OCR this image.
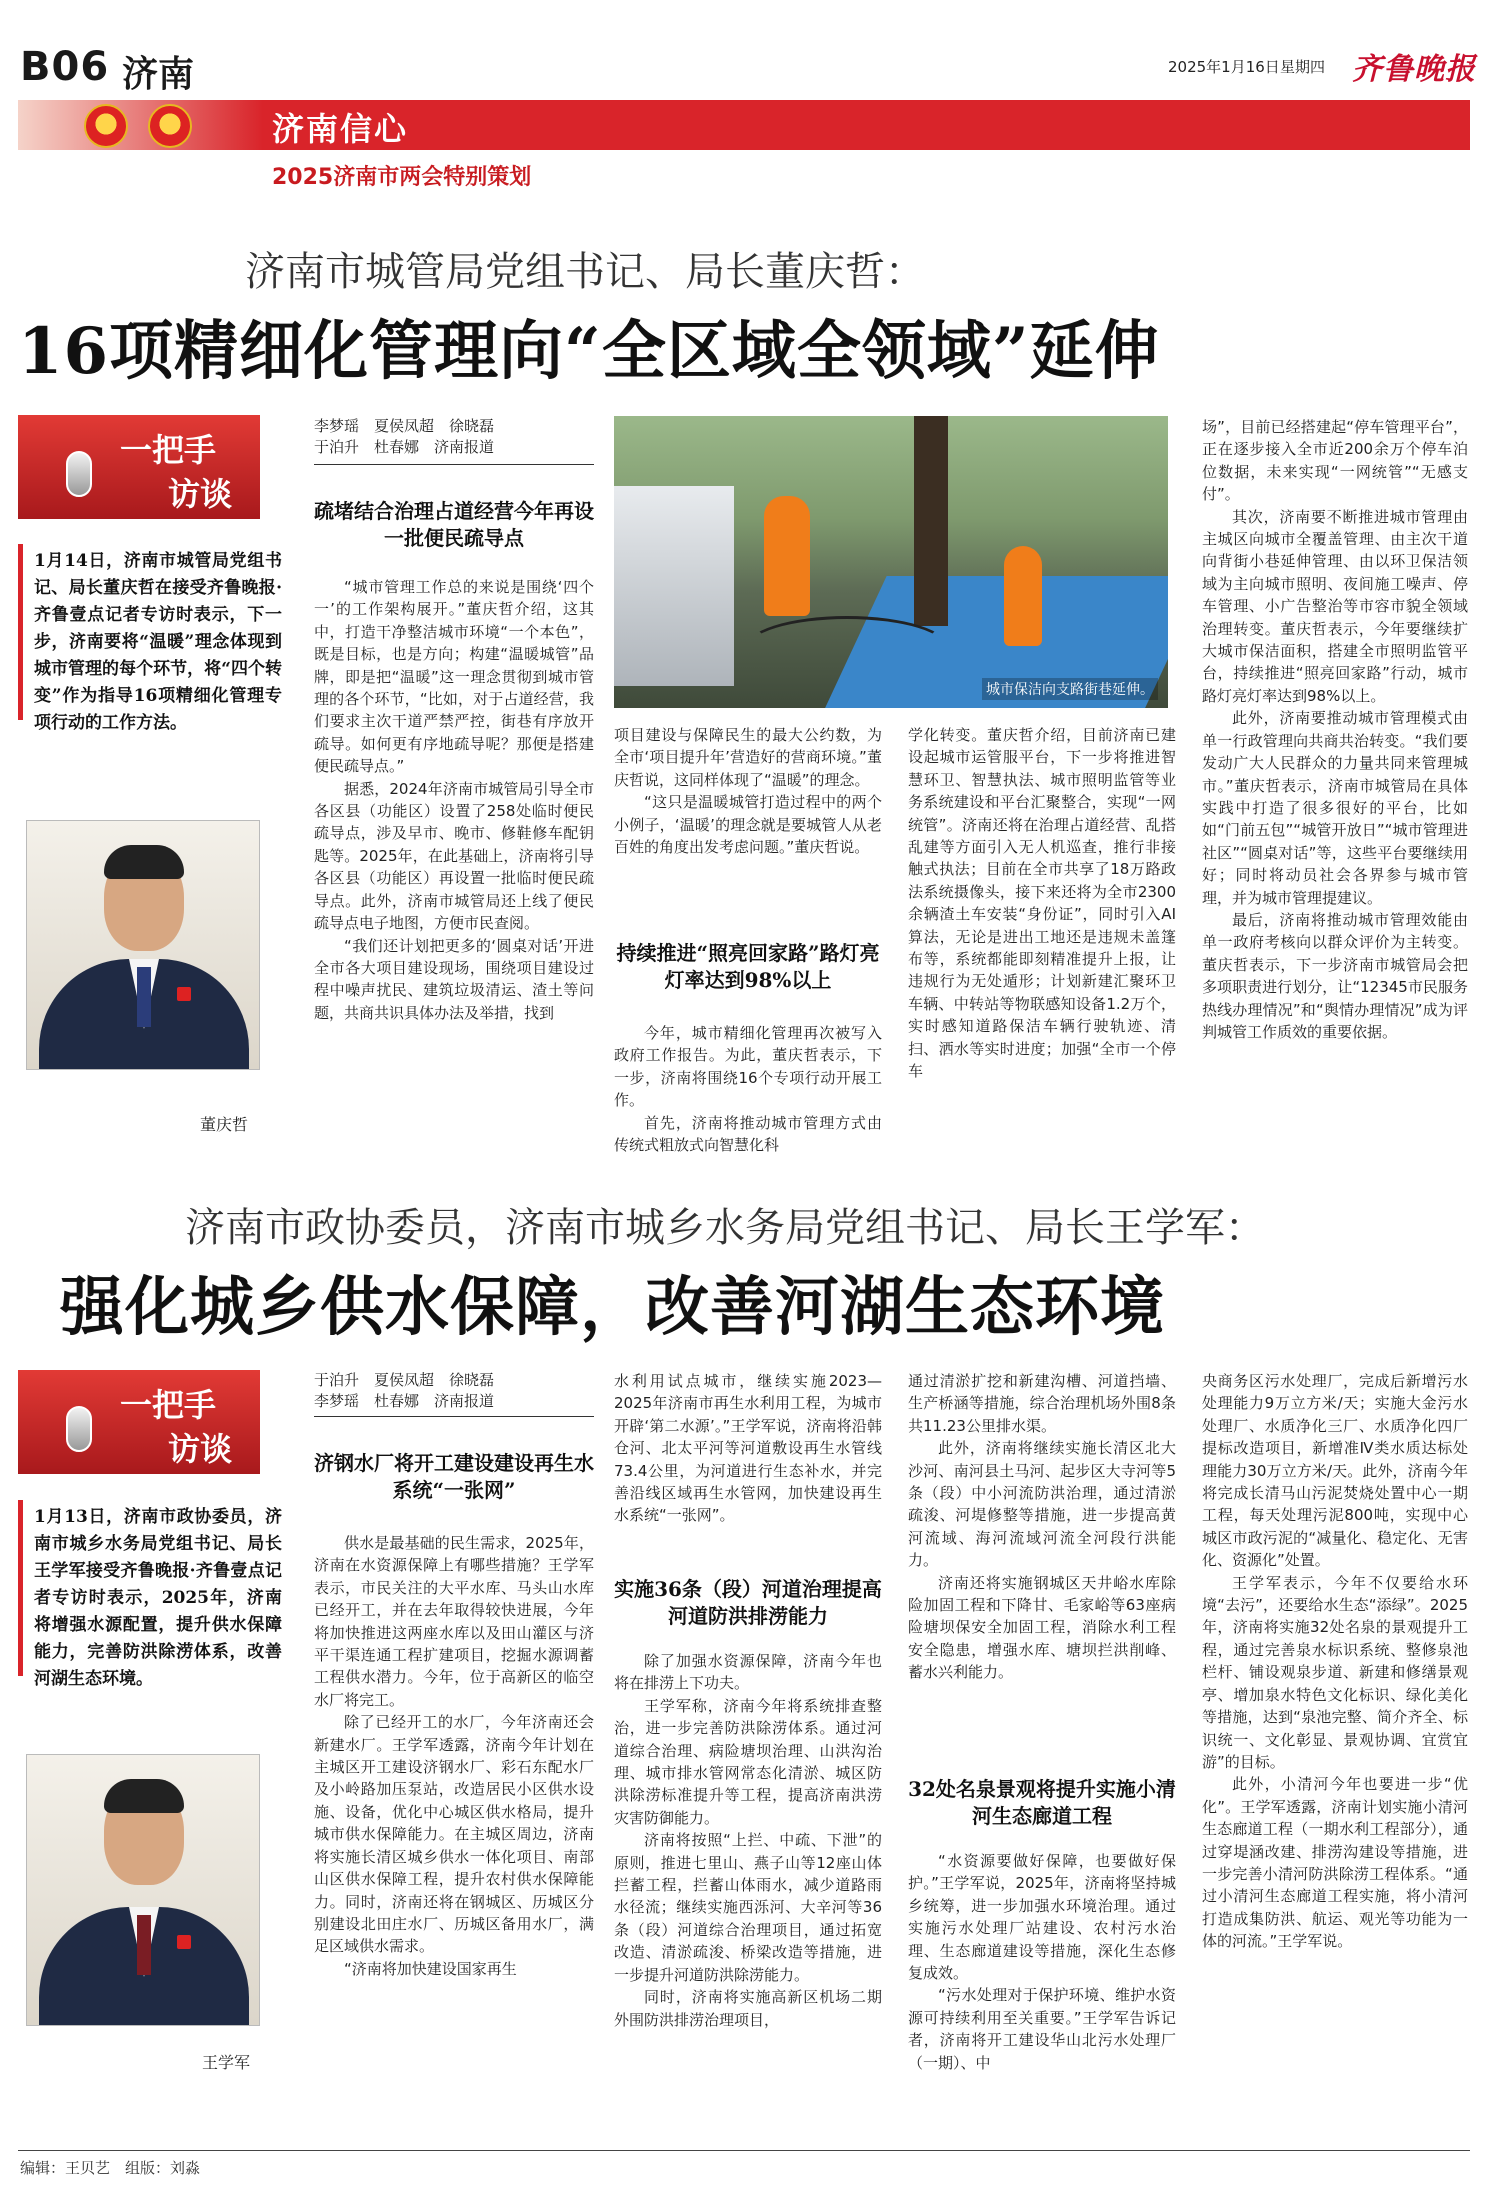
B06 济南	2025年1月16日 星期四 齐鲁晚报
济南信心
2025济南市两会特别策划
济南市城管局党组书记、局长董庆哲：
16项精细化管理向“全区域全领域”延伸
一把手
访谈
1月14日，济南市城管局党组书记、局长董庆哲在接受齐鲁晚报·齐鲁壹点记者专访时表示，下一步，济南要将“温暖”理念体现到城市管理的每个环节，将“四个转变”作为指导16项精细化管理专项行动的工作方法。
董庆哲
李梦瑶　夏侯凤超　徐晓磊
于泊升　杜春娜　济南报道
疏堵结合治理占道经营今年再设一批便民疏导点

“城市管理工作总的来说是围绕‘四个一’的工作架构展开。”董庆哲介绍，这其中，打造干净整洁城市环境“一个本色”，既是目标，也是方向；构建“温暖城管”品牌，即是把“温暖”这一理念贯彻到城市管理的各个环节，“比如，对于占道经营，我们要求主次干道严禁严控，街巷有序放开疏导。如何更有序地疏导呢？那便是搭建便民疏导点。”

据悉，2024年济南市城管局引导全市各区县（功能区）设置了258处临时便民疏导点，涉及早市、晚市、修鞋修车配钥匙等。2025年，在此基础上，济南将引导各区县（功能区）再设置一批临时便民疏导点。此外，济南市城管局还上线了便民疏导点电子地图，方便市民查阅。

“我们还计划把更多的‘圆桌对话’开进全市各大项目建设现场，围绕项目建设过程中噪声扰民、建筑垃圾清运、渣土等问题，共商共识具体办法及举措，找到

城市保洁向支路街巷延伸。

项目建设与保障民生的最大公约数，为全市‘项目提升年’营造好的营商环境。”董庆哲说，这同样体现了“温暖”的理念。

“这只是温暖城管打造过程中的两个小例子，‘温暖’的理念就是要城管人从老百姓的角度出发考虑问题。”董庆哲说。

持续推进“照亮回家路”路灯亮灯率达到98%以上

今年，城市精细化管理再次被写入政府工作报告。为此，董庆哲表示，下一步，济南将围绕16个专项行动开展工作。

首先，济南将推动城市管理方式由传统式粗放式向智慧化科

学化转变。董庆哲介绍，目前济南已建设起城市运管服平台，下一步将推进智慧环卫、智慧执法、城市照明监管等业务系统建设和平台汇聚整合，实现“一网统管”。济南还将在治理占道经营、乱搭乱建等方面引入无人机巡查，推行非接触式执法；目前在全市共享了18万路政法系统摄像头，接下来还将为全市2300余辆渣土车安装“身份证”，同时引入AI算法，无论是进出工地还是违规未盖篷布等，系统都能即刻精准提升上报，让违规行为无处遁形；计划新建汇聚环卫车辆、中转站等物联感知设备1.2万个，实时感知道路保洁车辆行驶轨迹、清扫、洒水等实时进度；加强“全市一个停车

场”，目前已经搭建起“停车管理平台”，正在逐步接入全市近200余万个停车泊位数据，未来实现“一网统管”“无感支付”。

其次，济南要不断推进城市管理由主城区向城市全覆盖管理、由主次干道向背街小巷延伸管理、由以环卫保洁领域为主向城市照明、夜间施工噪声、停车管理、小广告整治等市容市貌全领域治理转变。董庆哲表示，今年要继续扩大城市保洁面积，搭建全市照明监管平台，持续推进“照亮回家路”行动，城市路灯亮灯率达到98%以上。

此外，济南要推动城市管理模式由单一行政管理向共商共治转变。“我们要发动广大人民群众的力量共同来管理城市。”董庆哲表示，济南市城管局在具体实践中打造了很多很好的平台，比如如“门前五包”“城管开放日”“城市管理进社区”“圆桌对话”等，这些平台要继续用好；同时将动员社会各界参与城市管理，并为城市管理提建议。

最后，济南将推动城市管理效能由单一政府考核向以群众评价为主转变。董庆哲表示，下一步济南市城管局会把多项职责进行划分，让“12345市民服务热线办理情况”和“舆情办理情况”成为评判城管工作质效的重要依据。

济南市政协委员，济南市城乡水务局党组书记、局长王学军：
强化城乡供水保障，改善河湖生态环境
一把手
访谈
1月13日，济南市政协委员，济南市城乡水务局党组书记、局长王学军接受齐鲁晚报·齐鲁壹点记者专访时表示，2025年，济南将增强水源配置，提升供水保障能力，完善防洪除涝体系，改善河湖生态环境。
王学军
于泊升　夏侯凤超　徐晓磊
李梦瑶　杜春娜　济南报道
济钢水厂将开工建设建设再生水系统“一张网”

供水是最基础的民生需求，2025年，济南在水资源保障上有哪些措施？王学军表示，市民关注的大平水库、马头山水库已经开工，并在去年取得较快进展，今年将加快推进这两座水库以及田山灌区与济平干渠连通工程扩建项目，挖掘水源调蓄工程供水潜力。今年，位于高新区的临空水厂将完工。

除了已经开工的水厂，今年济南还会新建水厂。王学军透露，济南今年计划在主城区开工建设济钢水厂、彩石东配水厂及小岭路加压泵站，改造居民小区供水设施、设备，优化中心城区供水格局，提升城市供水保障能力。在主城区周边，济南将实施长清区城乡供水一体化项目、南部山区供水保障工程，提升农村供水保障能力。同时，济南还将在钢城区、历城区分别建设北田庄水厂、历城区备用水厂，满足区域供水需求。

“济南将加快建设国家再生

水利用试点城市，继续实施2023—2025年济南市再生水利用工程，为城市开辟‘第二水源’。”王学军说，济南将沿韩仓河、北太平河等河道敷设再生水管线73.4公里，为河道进行生态补水，并完善沿线区域再生水管网，加快建设再生水系统“一张网”。

实施36条（段）河道治理提高河道防洪排涝能力

除了加强水资源保障，济南今年也将在排涝上下功夫。

王学军称，济南今年将系统排查整治，进一步完善防洪除涝体系。通过河道综合治理、病险塘坝治理、山洪沟治理、城市排水管网常态化清淤、城区防洪除涝标准提升等工程，提高济南洪涝灾害防御能力。

济南将按照“上拦、中疏、下泄”的原则，推进七里山、燕子山等12座山体拦蓄工程，拦蓄山体雨水，减少道路雨水径流；继续实施西泺河、大辛河等36条（段）河道综合治理项目，通过拓宽改造、清淤疏浚、桥梁改造等措施，进一步提升河道防洪除涝能力。

同时，济南将实施高新区机场二期外围防洪排涝治理项目，

通过清淤扩挖和新建沟槽、河道挡墙、生产桥涵等措施，综合治理机场外围8条共11.23公里排水渠。

此外，济南将继续实施长清区北大沙河、南河县土马河、起步区大寺河等5条（段）中小河流防洪治理，通过清淤疏浚、河堤修整等措施，进一步提高黄河流域、海河流域河流全河段行洪能力。

济南还将实施钢城区天井峪水库除险加固工程和下降甘、毛家峪等63座病险塘坝保安全加固工程，消除水利工程安全隐患，增强水库、塘坝拦洪削峰、蓄水兴利能力。

32处名泉景观将提升实施小清河生态廊道工程

“水资源要做好保障，也要做好保护。”王学军说，2025年，济南将坚持城乡统筹，进一步加强水环境治理。通过实施污水处理厂站建设、农村污水治理、生态廊道建设等措施，深化生态修复成效。

“污水处理对于保护环境、维护水资源可持续利用至关重要。”王学军告诉记者，济南将开工建设华山北污水处理厂（一期）、中

央商务区污水处理厂，完成后新增污水处理能力9万立方米/天；实施大金污水处理厂、水质净化三厂、水质净化四厂提标改造项目，新增准Ⅳ类水质达标处理能力30万立方米/天。此外，济南今年将完成长清马山污泥焚烧处置中心一期工程，每天处理污泥800吨，实现中心城区市政污泥的“减量化、稳定化、无害化、资源化”处置。

王学军表示，今年不仅要给水环境“去污”，还要给水生态“添绿”。2025年，济南将实施32处名泉的景观提升工程，通过完善泉水标识系统、整修泉池栏杆、铺设观泉步道、新建和修缮景观亭、增加泉水特色文化标识、绿化美化等措施，达到“泉池完整、简介齐全、标识统一、文化彰显、景观协调、宜赏宜游”的目标。

此外，小清河今年也要进一步“优化”。王学军透露，济南计划实施小清河生态廊道工程（一期水利工程部分），通过穿堤涵改建、排涝沟建设等措施，进一步完善小清河防洪除涝工程体系。“通过小清河生态廊道工程实施，将小清河打造成集防洪、航运、观光等功能为一体的河流。”王学军说。

编辑：王贝艺　组版：刘淼
